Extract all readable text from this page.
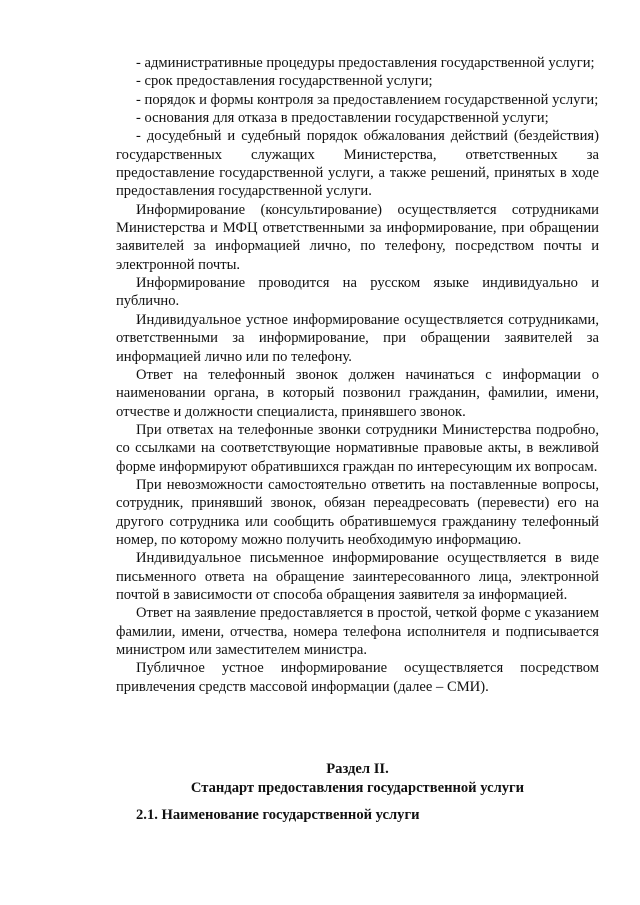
- административные процедуры предоставления государственной услуги;

- срок предоставления государственной услуги;

- порядок и формы контроля за предоставлением государственной услуги;

- основания для отказа в предоставлении государственной услуги;

- досудебный и судебный порядок обжалования действий (бездействия) государственных служащих Министерства, ответственных за предоставление государственной услуги, а также решений, принятых в ходе предоставления государственной услуги.

Информирование (консультирование) осуществляется сотрудниками Министерства и МФЦ ответственными за информирование, при обращении заявителей за информацией лично, по телефону, посредством почты и электронной почты.

Информирование проводится на русском языке индивидуально и публично.

Индивидуальное устное информирование осуществляется сотрудниками, ответственными за информирование, при обращении заявителей за информацией лично или по телефону.

Ответ на телефонный звонок должен начинаться с информации о наименовании органа, в который позвонил гражданин, фамилии, имени, отчестве и должности специалиста, принявшего звонок.

При ответах на телефонные звонки сотрудники Министерства подробно, со ссылками на соответствующие нормативные правовые акты, в вежливой форме информируют обратившихся граждан по интересующим их вопросам.

При невозможности самостоятельно ответить на поставленные вопросы, сотрудник, принявший звонок, обязан переадресовать (перевести) его на другого сотрудника или сообщить обратившемуся гражданину телефонный номер, по которому можно получить необходимую информацию.

Индивидуальное письменное информирование осуществляется в виде письменного ответа на обращение заинтересованного лица, электронной почтой в зависимости от способа обращения заявителя за информацией.

Ответ на заявление предоставляется в простой, четкой форме с указанием фамилии, имени, отчества, номера телефона исполнителя и подписывается министром или заместителем министра.

Публичное устное информирование осуществляется посредством привлечения средств массовой информации (далее – СМИ).

Раздел II.
Стандарт предоставления государственной услуги
2.1. Наименование государственной услуги
